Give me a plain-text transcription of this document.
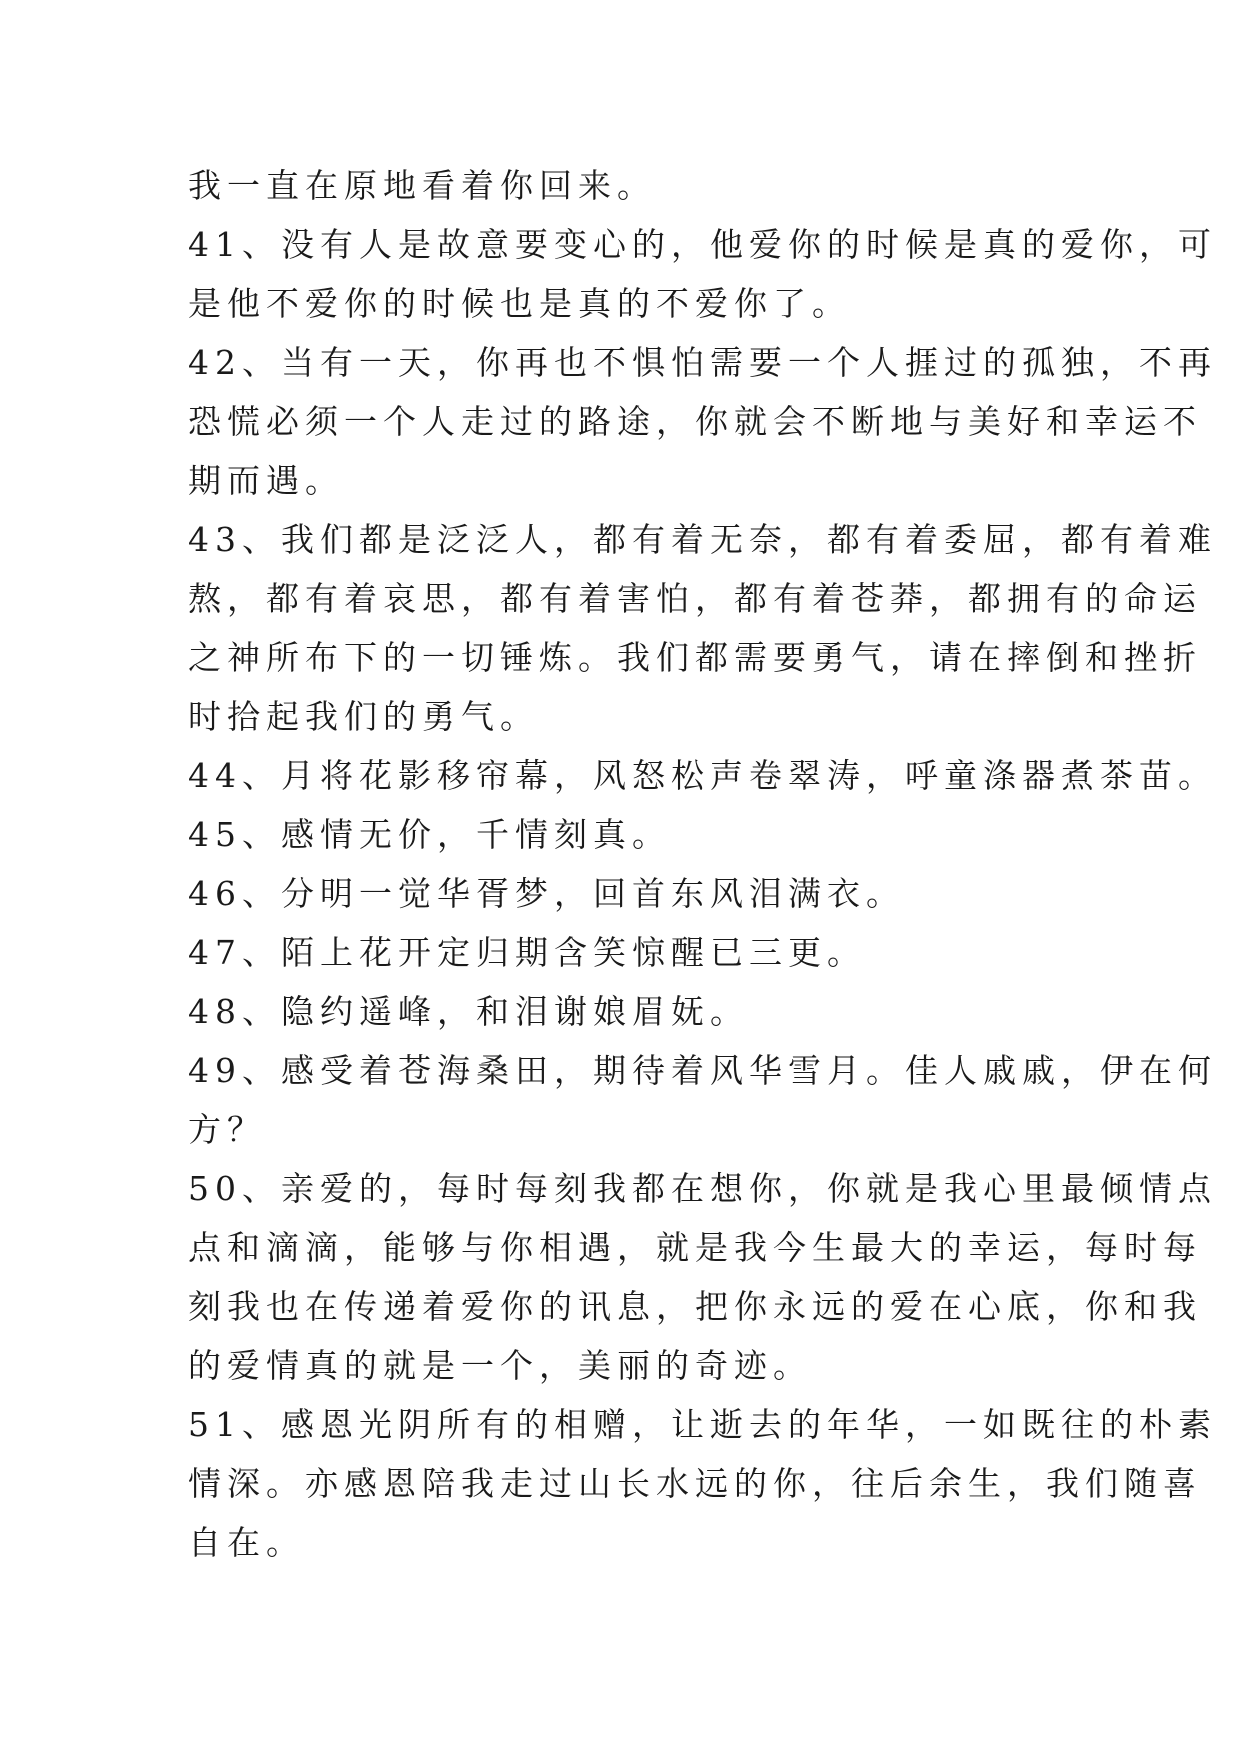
我一直在原地看着你回来。
41、没有人是故意要变心的，他爱你的时候是真的爱你，可
是他不爱你的时候也是真的不爱你了。
42、当有一天，你再也不惧怕需要一个人捱过的孤独，不再
恐慌必须一个人走过的路途，你就会不断地与美好和幸运不
期而遇。
43、我们都是泛泛人，都有着无奈，都有着委屈，都有着难
熬，都有着哀思，都有着害怕，都有着苍莽，都拥有的命运
之神所布下的一切锤炼。我们都需要勇气，请在摔倒和挫折
时拾起我们的勇气。
44、月将花影移帘幕，风怒松声卷翠涛，呼童涤器煮茶苗。
45、感情无价，千情刻真。
46、分明一觉华胥梦，回首东风泪满衣。
47、陌上花开定归期含笑惊醒已三更。
48、隐约遥峰，和泪谢娘眉妩。
49、感受着苍海桑田，期待着风华雪月。佳人戚戚，伊在何
方？
50、亲爱的，每时每刻我都在想你，你就是我心里最倾情点
点和滴滴，能够与你相遇，就是我今生最大的幸运，每时每
刻我也在传递着爱你的讯息，把你永远的爱在心底，你和我
的爱情真的就是一个，美丽的奇迹。
51、感恩光阴所有的相赠，让逝去的年华，一如既往的朴素
情深。亦感恩陪我走过山长水远的你，往后余生，我们随喜
自在。
